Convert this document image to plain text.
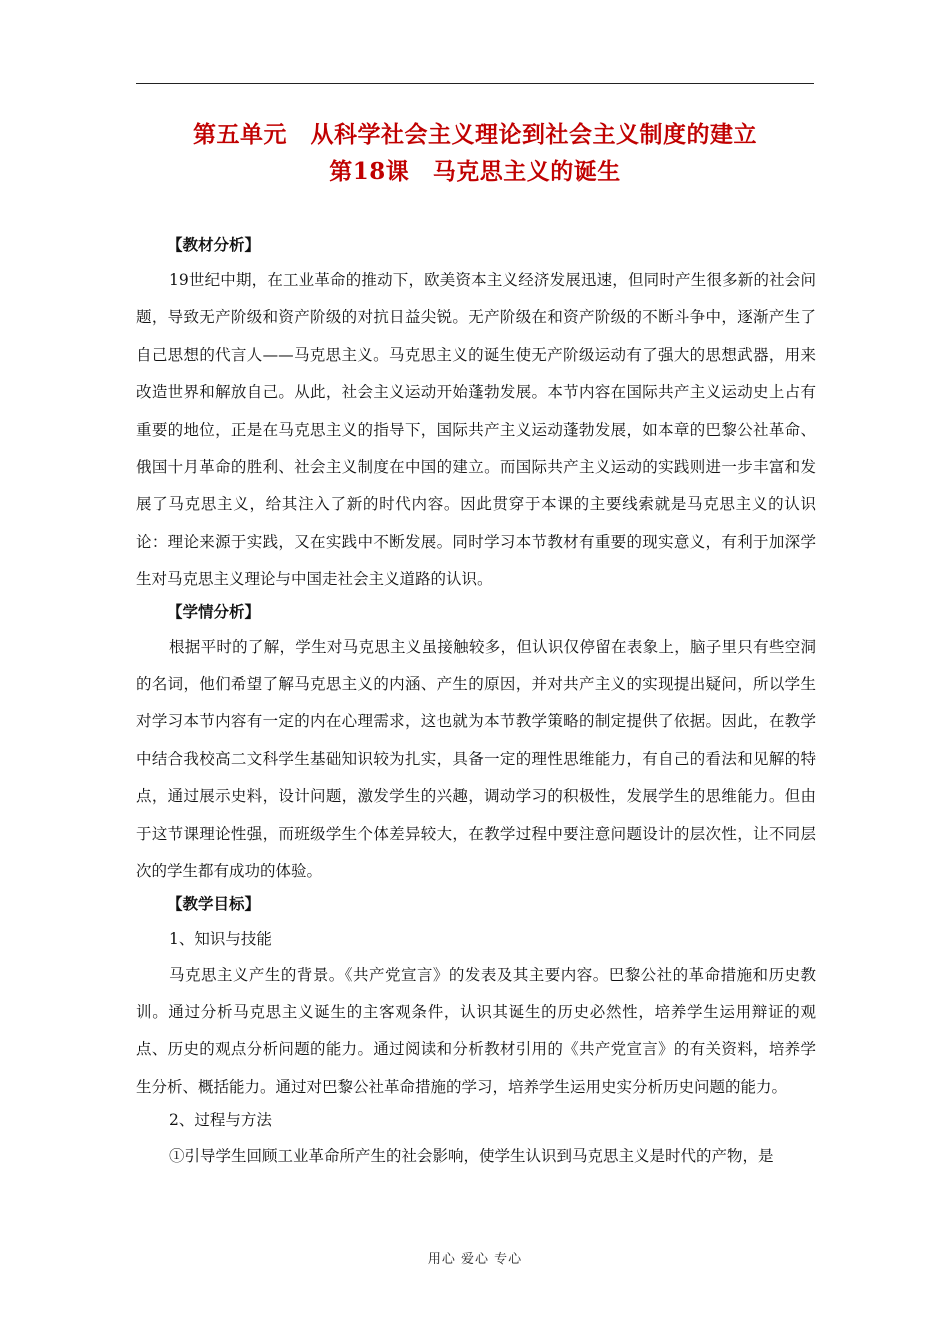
第五单元　从科学社会主义理论到社会主义制度的建立
第18课　马克思主义的诞生
【教材分析】

19世纪中期，在工业革命的推动下，欧美资本主义经济发展迅速，但同时产生很多新的社会问题，导致无产阶级和资产阶级的对抗日益尖锐。无产阶级在和资产阶级的不断斗争中，逐渐产生了自己思想的代言人——马克思主义。马克思主义的诞生使无产阶级运动有了强大的思想武器，用来改造世界和解放自己。从此，社会主义运动开始蓬勃发展。本节内容在国际共产主义运动史上占有重要的地位，正是在马克思主义的指导下，国际共产主义运动蓬勃发展，如本章的巴黎公社革命、俄国十月革命的胜利、社会主义制度在中国的建立。而国际共产主义运动的实践则进一步丰富和发展了马克思主义，给其注入了新的时代内容。因此贯穿于本课的主要线索就是马克思主义的认识论：理论来源于实践，又在实践中不断发展。同时学习本节教材有重要的现实意义，有利于加深学生对马克思主义理论与中国走社会主义道路的认识。

【学情分析】

根据平时的了解，学生对马克思主义虽接触较多，但认识仅停留在表象上，脑子里只有些空洞的名词，他们希望了解马克思主义的内涵、产生的原因，并对共产主义的实现提出疑问，所以学生对学习本节内容有一定的内在心理需求，这也就为本节教学策略的制定提供了依据。因此，在教学中结合我校高二文科学生基础知识较为扎实，具备一定的理性思维能力，有自己的看法和见解的特点，通过展示史料，设计问题，激发学生的兴趣，调动学习的积极性，发展学生的思维能力。但由于这节课理论性强，而班级学生个体差异较大，在教学过程中要注意问题设计的层次性，让不同层次的学生都有成功的体验。

【教学目标】
1、知识与技能

马克思主义产生的背景。《共产党宣言》的发表及其主要内容。巴黎公社的革命措施和历史教训。通过分析马克思主义诞生的主客观条件，认识其诞生的历史必然性，培养学生运用辩证的观点、历史的观点分析问题的能力。通过阅读和分析教材引用的《共产党宣言》的有关资料，培养学生分析、概括能力。通过对巴黎公社革命措施的学习，培养学生运用史实分析历史问题的能力。

2、过程与方法

①引导学生回顾工业革命所产生的社会影响，使学生认识到马克思主义是时代的产物，是

用心 爱心 专心
